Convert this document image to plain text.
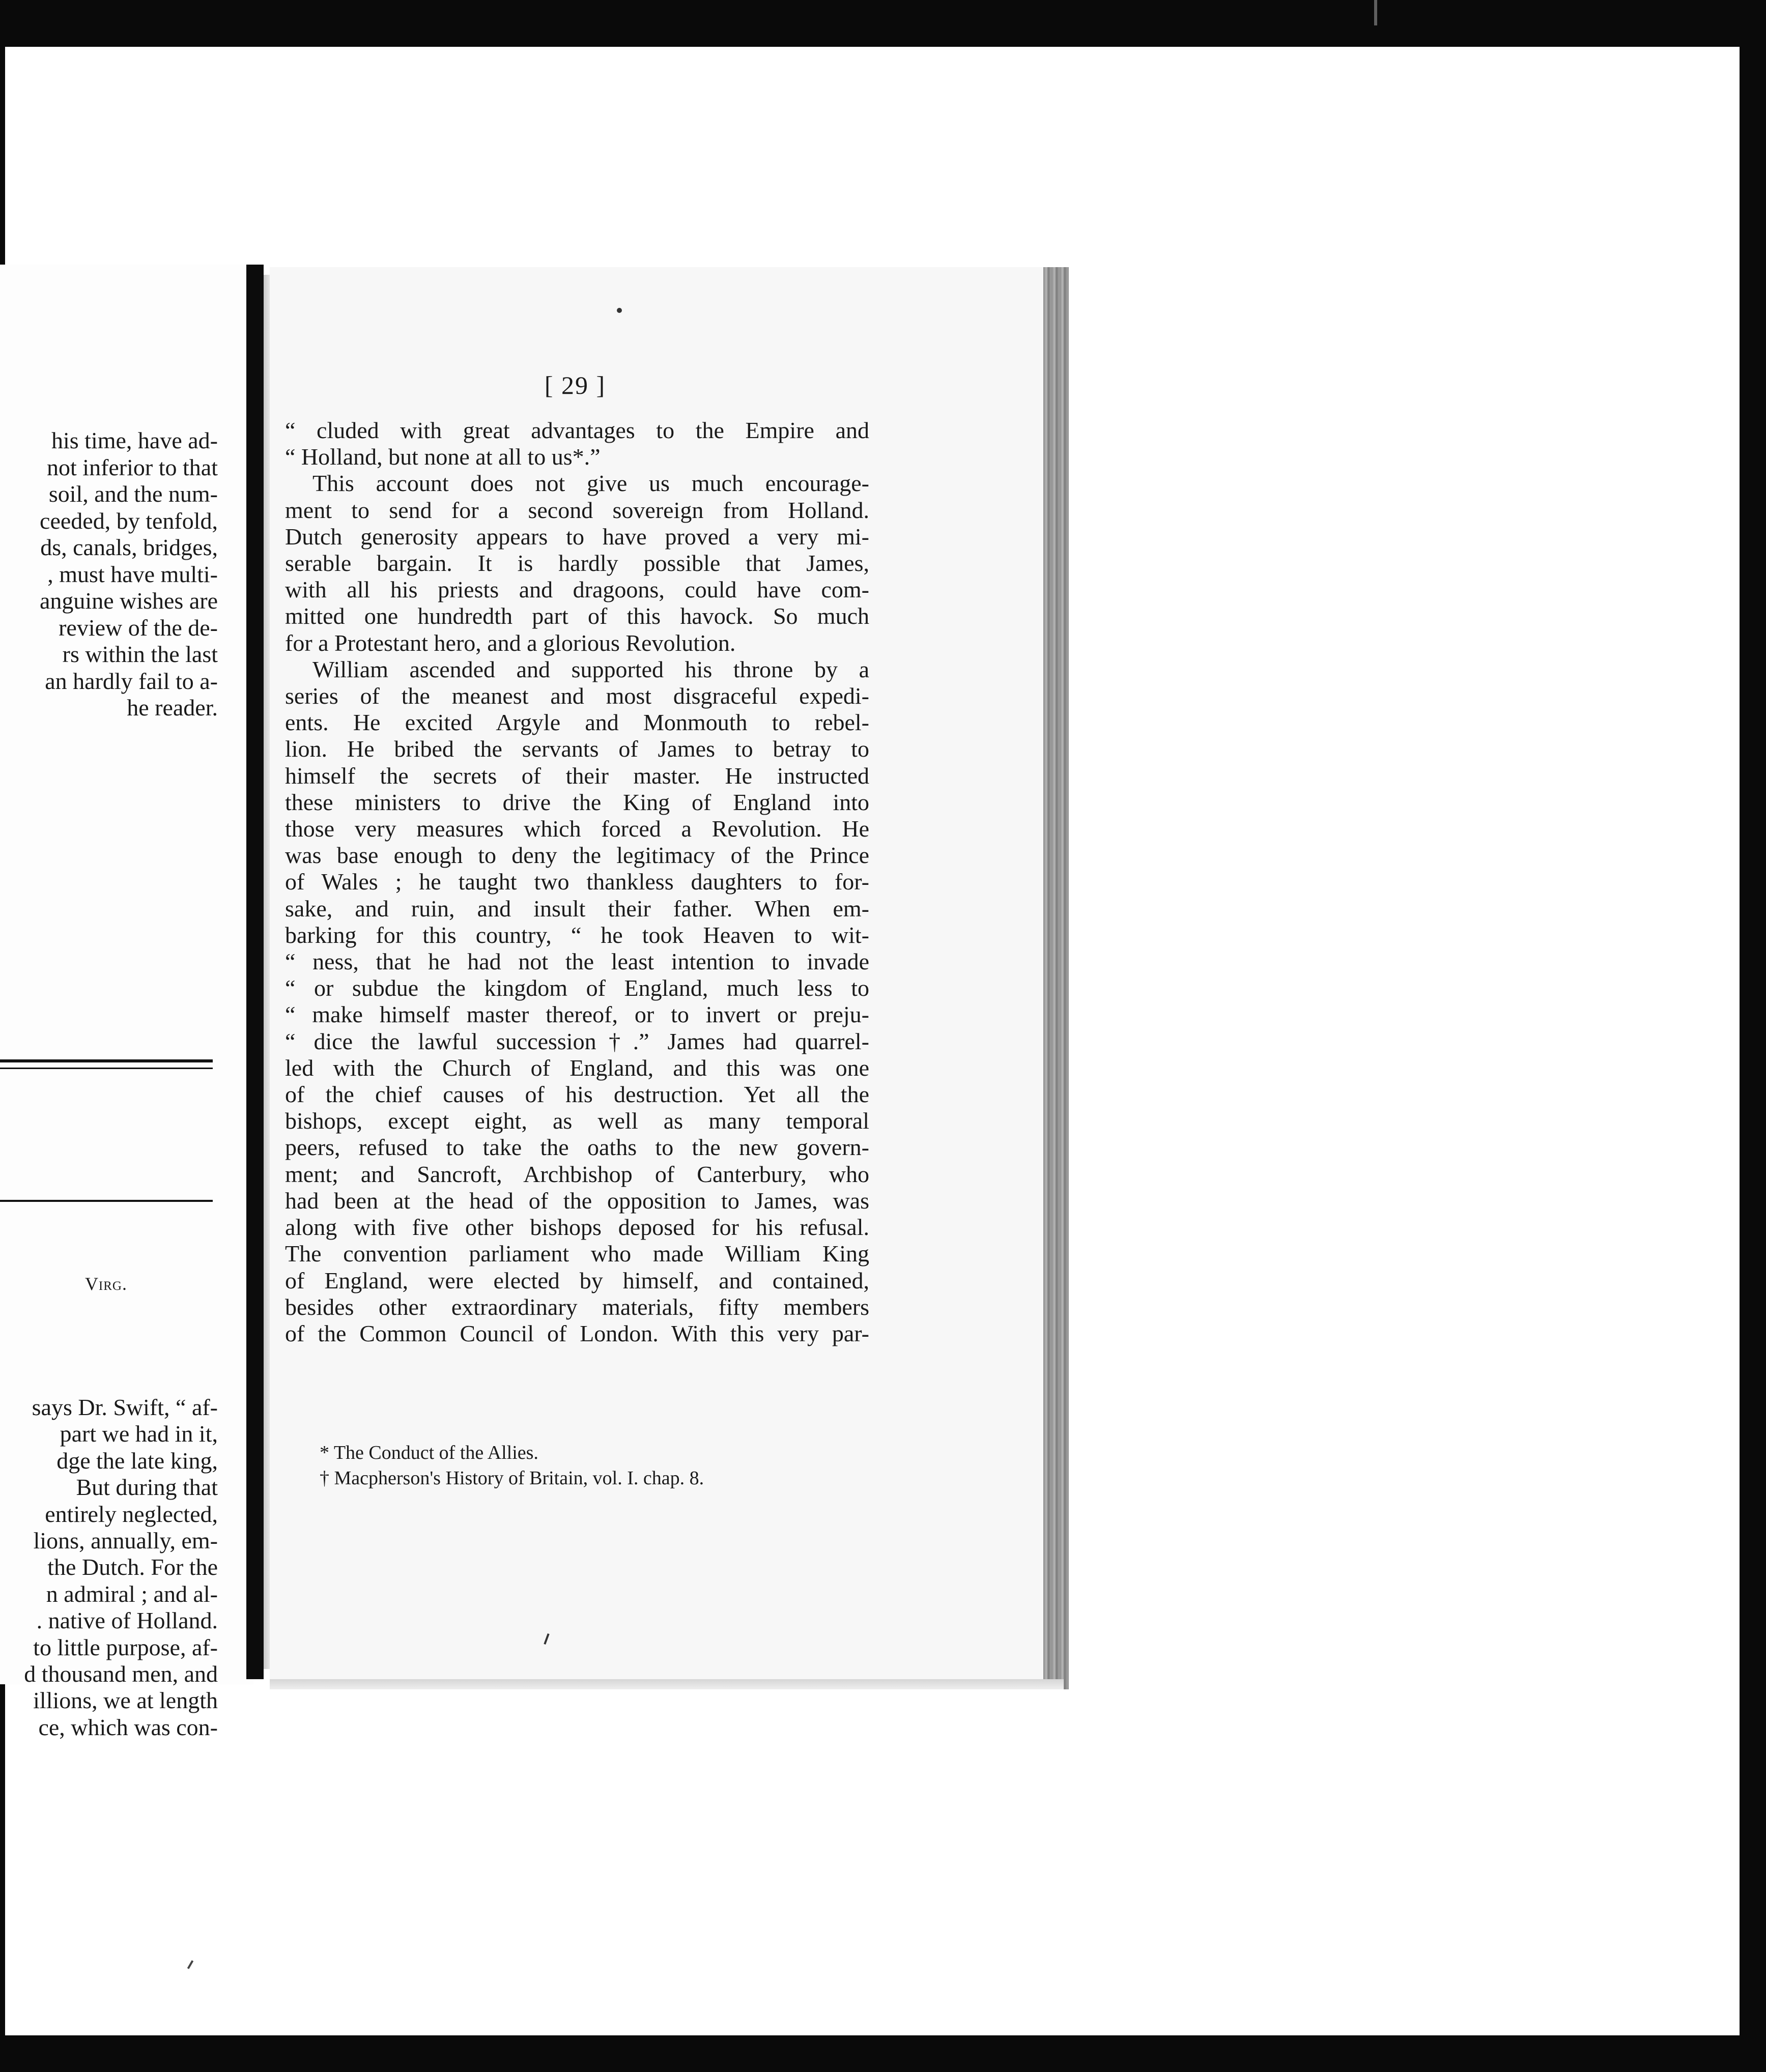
his time, have ad-
not inferior to that
soil, and the num-
ceeded, by tenfold,
ds, canals, bridges,
, must have multi-
anguine wishes are
review of the de-
rs within the last
an hardly fail to a-
he reader.
Virg.
says Dr. Swift, “ af-
part we had in it,
dge the late king,
But during that
entirely neglected,
lions, annually, em-
the Dutch. For the
n admiral ; and al-
. native of Holland.
to little purpose, af-
d thousand men, and
illions, we at length
ce, which was con-
[ 29 ]
“ cluded with great advantages to the Empire and
“ Holland, but none at all to us*.”
This account does not give us much encourage-
ment to send for a second sovereign from Holland.
Dutch generosity appears to have proved a very mi-
serable bargain. It is hardly possible that James,
with all his priests and dragoons, could have com-
mitted one hundredth part of this havock. So much
for a Protestant hero, and a glorious Revolution.
William ascended and supported his throne by a
series of the meanest and most disgraceful expedi-
ents. He excited Argyle and Monmouth to rebel-
lion. He bribed the servants of James to betray to
himself the secrets of their master. He instructed
these ministers to drive the King of England into
those very measures which forced a Revolution. He
was base enough to deny the legitimacy of the Prince
of Wales ; he taught two thankless daughters to for-
sake, and ruin, and insult their father. When em-
barking for this country, “ he took Heaven to wit-
“ ness, that he had not the least intention to invade
“ or subdue the kingdom of England, much less to
“ make himself master thereof, or to invert or preju-
“ dice the lawful succession†.” James had quarrel-
led with the Church of England, and this was one
of the chief causes of his destruction. Yet all the
bishops, except eight, as well as many temporal
peers, refused to take the oaths to the new govern-
ment; and Sancroft, Archbishop of Canterbury, who
had been at the head of the opposition to James, was
along with five other bishops deposed for his refusal.
The convention parliament who made William King
of England, were elected by himself, and contained,
besides other extraordinary materials, fifty members
of the Common Council of London. With this very par-
* The Conduct of the Allies.
† Macpherson's History of Britain, vol. I. chap. 8.
